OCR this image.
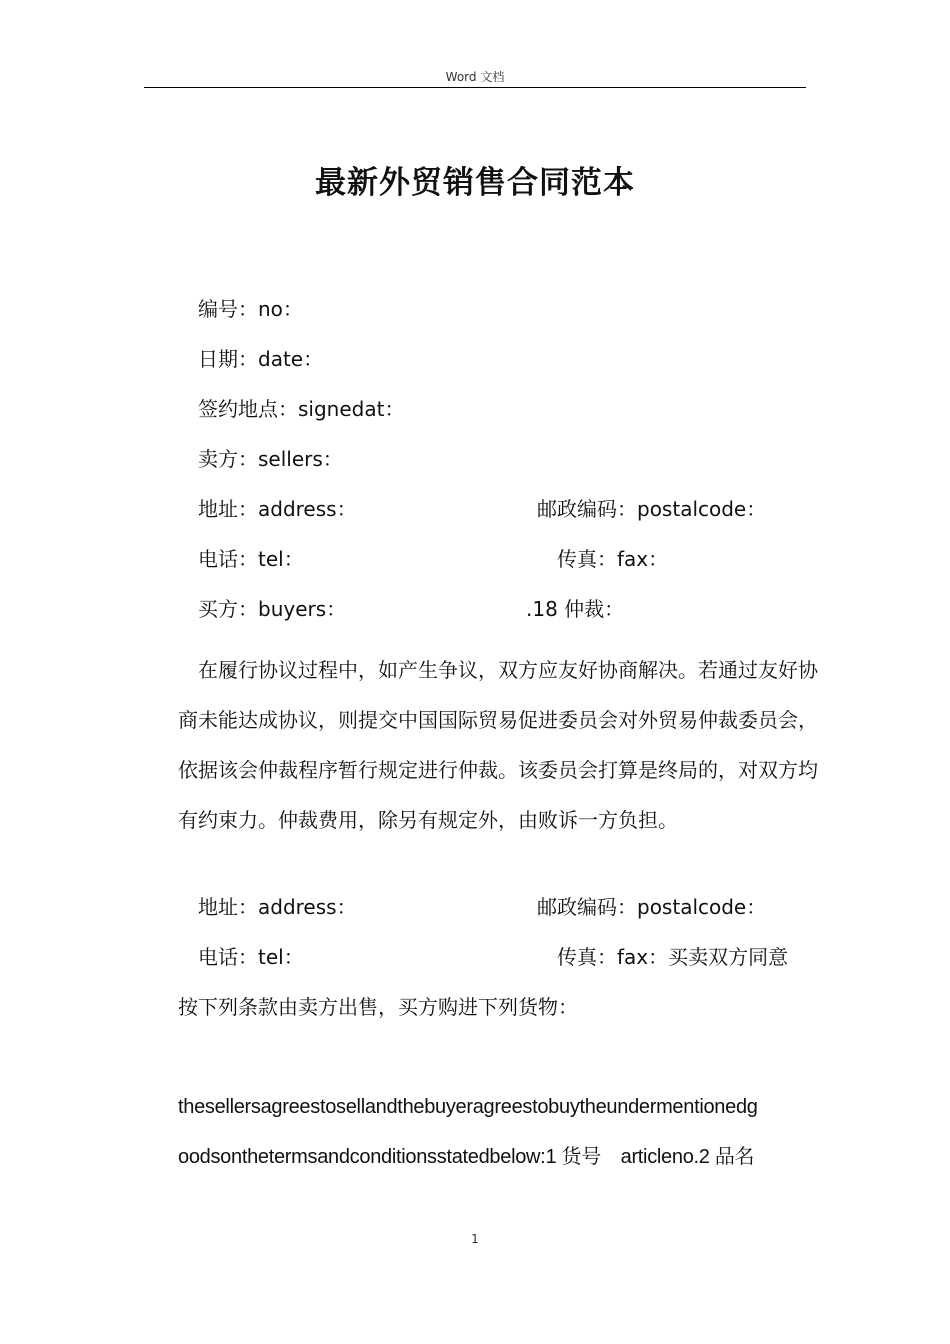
Word 文档
最新外贸销售合同范本
编号：no：
日期：date：
签约地点：signedat：
卖方：sellers：
地址：address：	邮政编码：postalcode：
电话：tel：	传真：fax：
买方：buyers：	.18 仲裁：

在履行协议过程中，如产生争议，双方应友好协商解决。若通过友好协商未能达成协议，则提交中国国际贸易促进委员会对外贸易仲裁委员会，依据该会仲裁程序暂行规定进行仲裁。该委员会打算是终局的，对双方均有约束力。仲裁费用，除另有规定外，由败诉一方负担。

地址：address：	邮政编码：postalcode：
电话：tel：	传真：fax：买卖双方同意
按下列条款由卖方出售，买方购进下列货物：
thesellersagreestosellandthebuyeragreestobuytheundermentionedg
oodsonthetermsandconditionsstatedbelow:1 货号　articleno.2 品名
1
